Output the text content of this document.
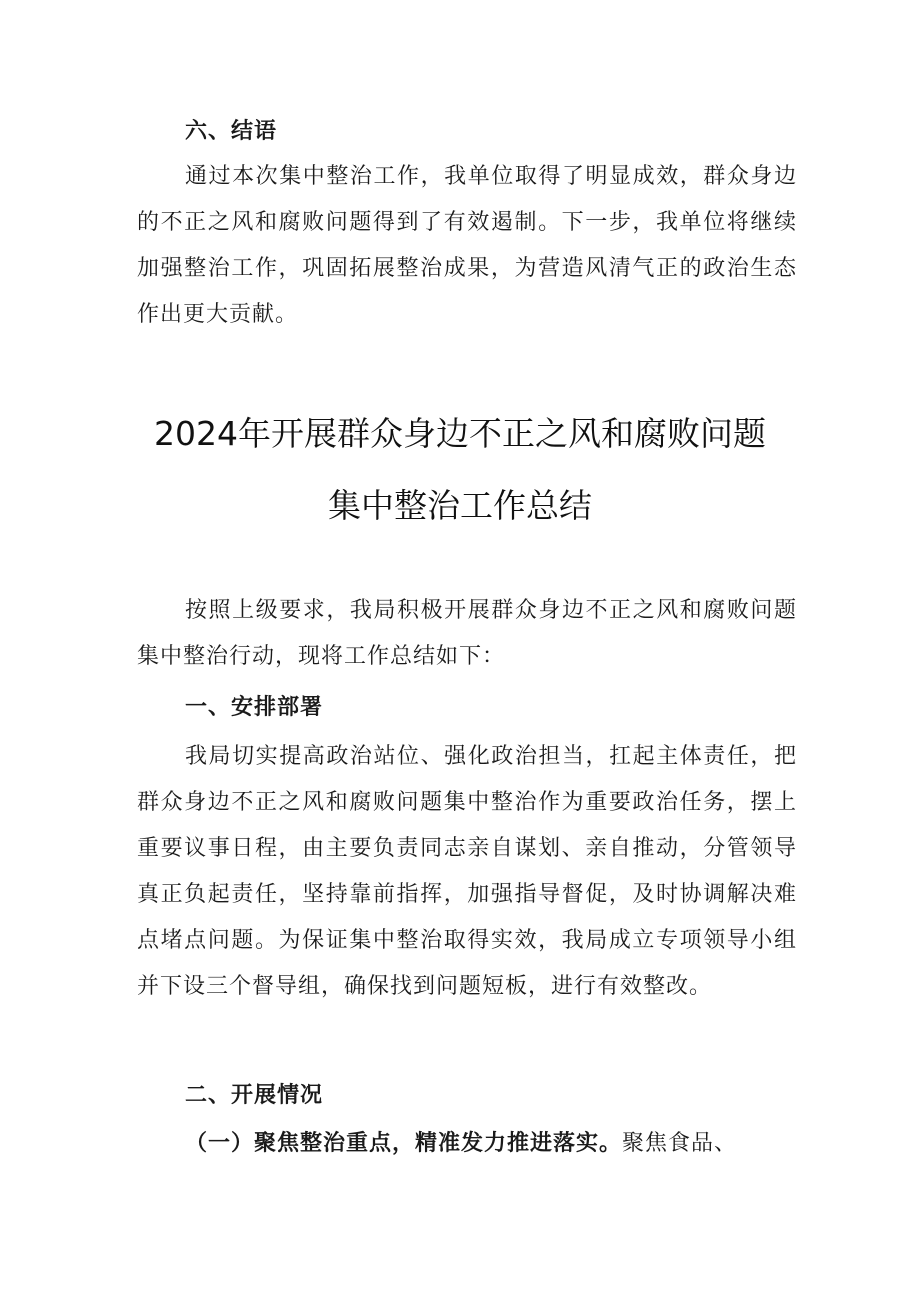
六、结语
通过本次集中整治工作，我单位取得了明显成效，群众身边的不正之风和腐败问题得到了有效遏制。下一步，我单位将继续加强整治工作，巩固拓展整治成果，为营造风清气正的政治生态作出更大贡献。
2024年开展群众身边不正之风和腐败问题
集中整治工作总结
按照上级要求，我局积极开展群众身边不正之风和腐败问题集中整治行动，现将工作总结如下：
一、安排部署
我局切实提高政治站位、强化政治担当，扛起主体责任，把群众身边不正之风和腐败问题集中整治作为重要政治任务，摆上重要议事日程，由主要负责同志亲自谋划、亲自推动，分管领导真正负起责任，坚持靠前指挥，加强指导督促，及时协调解决难点堵点问题。为保证集中整治取得实效，我局成立专项领导小组并下设三个督导组，确保找到问题短板，进行有效整改。
二、开展情况
（一）聚焦整治重点，精准发力推进落实。聚焦食品、
